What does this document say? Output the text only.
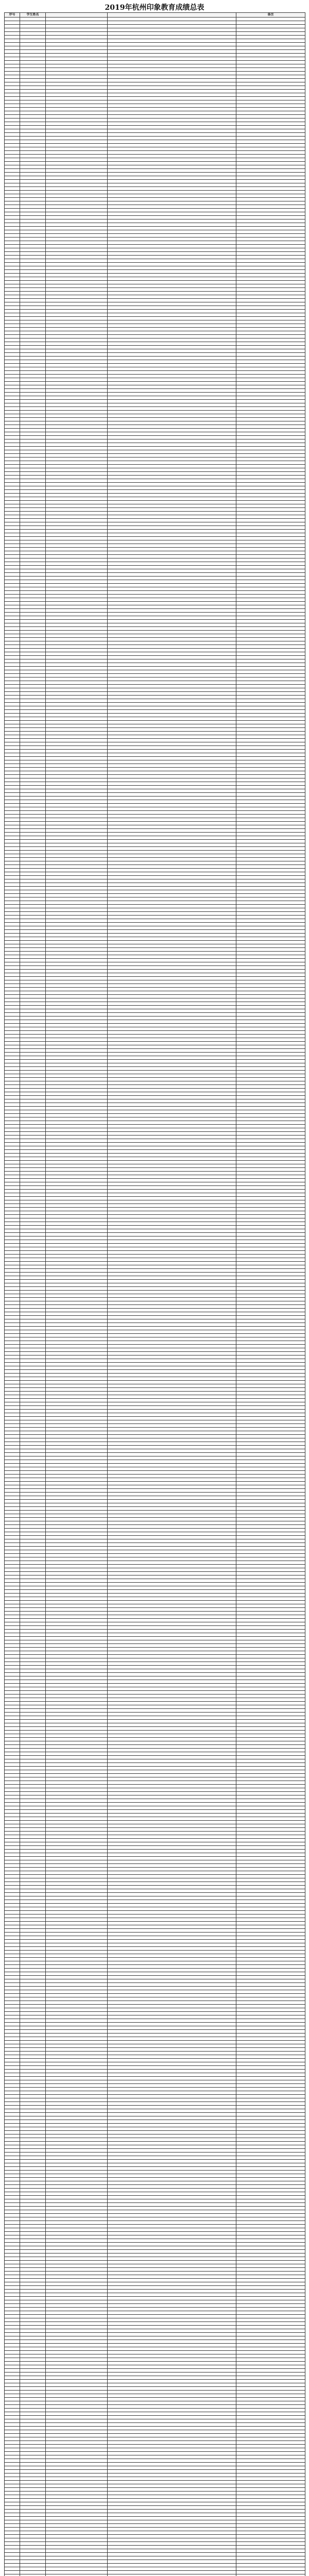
2019年杭州印象教育成绩总表
序号	学生姓名			备注
